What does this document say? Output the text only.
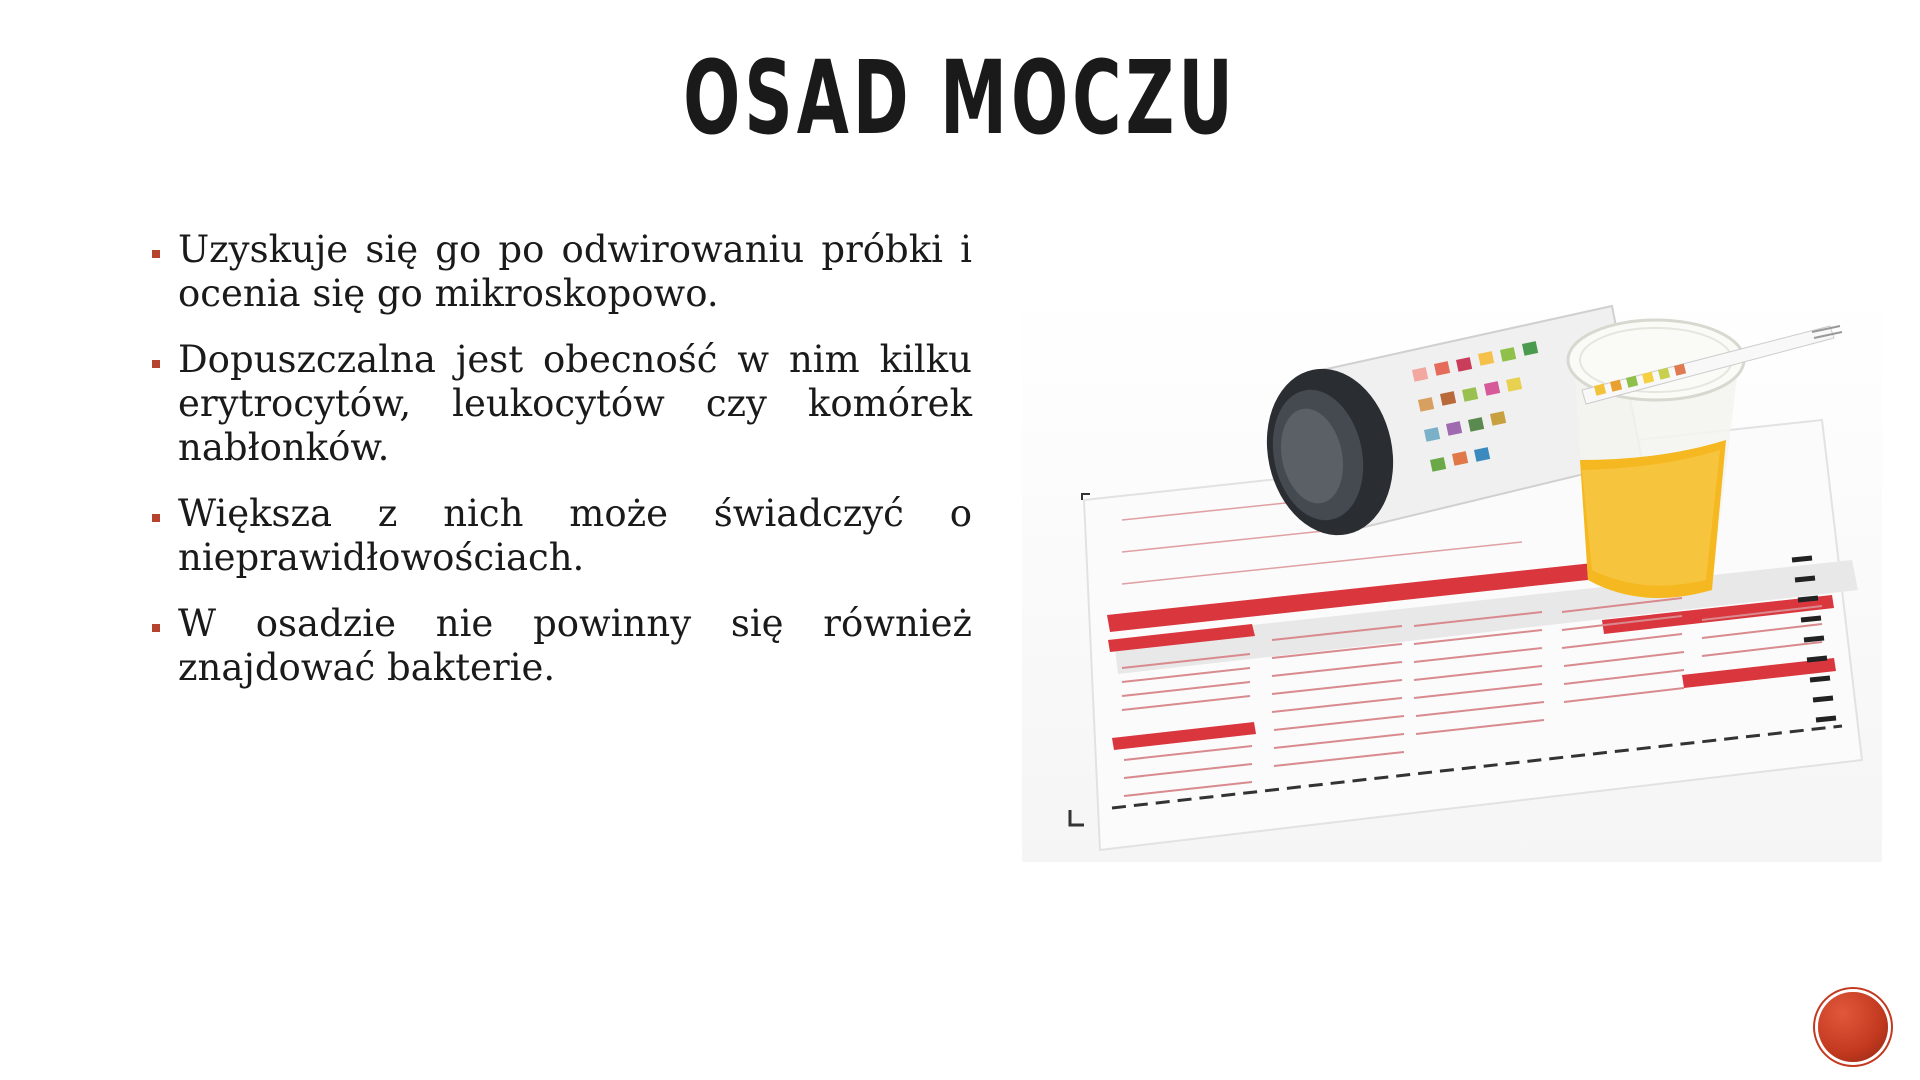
OSAD MOCZU
Uzyskuje się go po odwirowaniu próbki i ocenia się go mikroskopowo.
Dopuszczalna jest obecność w nim kilku erytrocytów, leukocytów czy komórek nabłonków.
Większa z nich może świadczyć o nieprawidłowościach.
W osadzie nie powinny się również znajdować bakterie.
